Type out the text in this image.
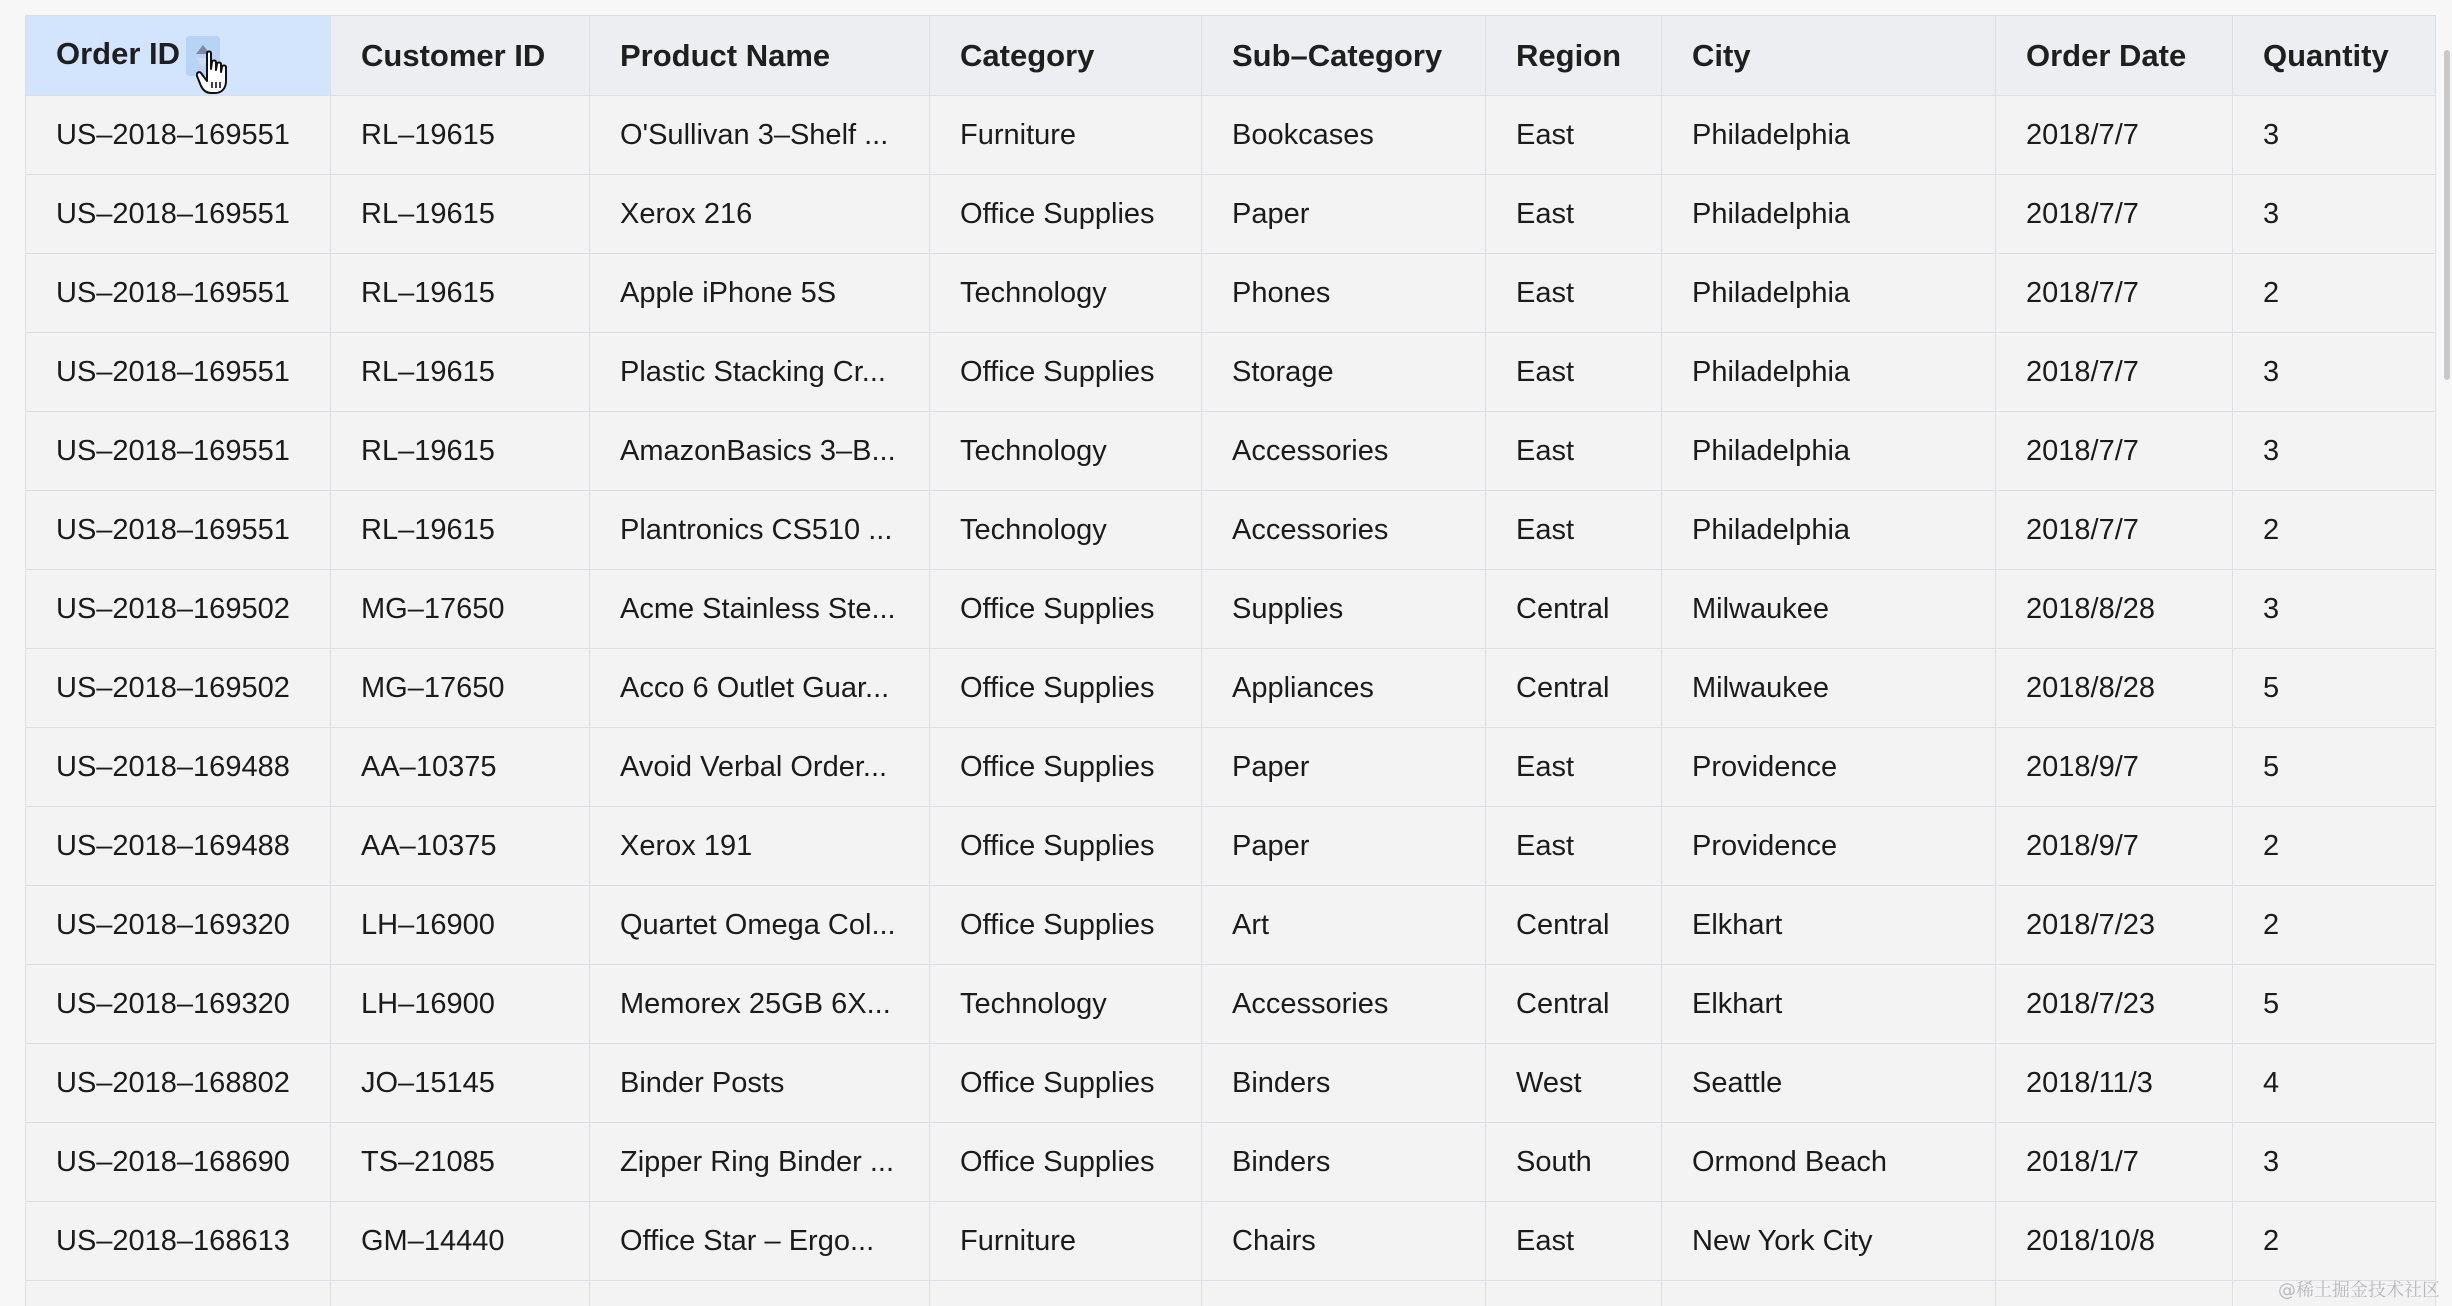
Order ID	Customer ID	Product Name	Category	Sub–Category	Region	City	Order Date	Quantity
US–2018–169551	RL–19615	O'Sullivan 3–Shelf ...	Furniture	Bookcases	East	Philadelphia	2018/7/7	3
US–2018–169551	RL–19615	Xerox 216	Office Supplies	Paper	East	Philadelphia	2018/7/7	3
US–2018–169551	RL–19615	Apple iPhone 5S	Technology	Phones	East	Philadelphia	2018/7/7	2
US–2018–169551	RL–19615	Plastic Stacking Cr...	Office Supplies	Storage	East	Philadelphia	2018/7/7	3
US–2018–169551	RL–19615	AmazonBasics 3–B...	Technology	Accessories	East	Philadelphia	2018/7/7	3
US–2018–169551	RL–19615	Plantronics CS510 ...	Technology	Accessories	East	Philadelphia	2018/7/7	2
US–2018–169502	MG–17650	Acme Stainless Ste...	Office Supplies	Supplies	Central	Milwaukee	2018/8/28	3
US–2018–169502	MG–17650	Acco 6 Outlet Guar...	Office Supplies	Appliances	Central	Milwaukee	2018/8/28	5
US–2018–169488	AA–10375	Avoid Verbal Order...	Office Supplies	Paper	East	Providence	2018/9/7	5
US–2018–169488	AA–10375	Xerox 191	Office Supplies	Paper	East	Providence	2018/9/7	2
US–2018–169320	LH–16900	Quartet Omega Col...	Office Supplies	Art	Central	Elkhart	2018/7/23	2
US–2018–169320	LH–16900	Memorex 25GB 6X...	Technology	Accessories	Central	Elkhart	2018/7/23	5
US–2018–168802	JO–15145	Binder Posts	Office Supplies	Binders	West	Seattle	2018/11/3	4
US–2018–168690	TS–21085	Zipper Ring Binder ...	Office Supplies	Binders	South	Ormond Beach	2018/1/7	3
US–2018–168613	GM–14440	Office Star – Ergo...	Furniture	Chairs	East	New York City	2018/10/8	2

@稀土掘金技术社区
